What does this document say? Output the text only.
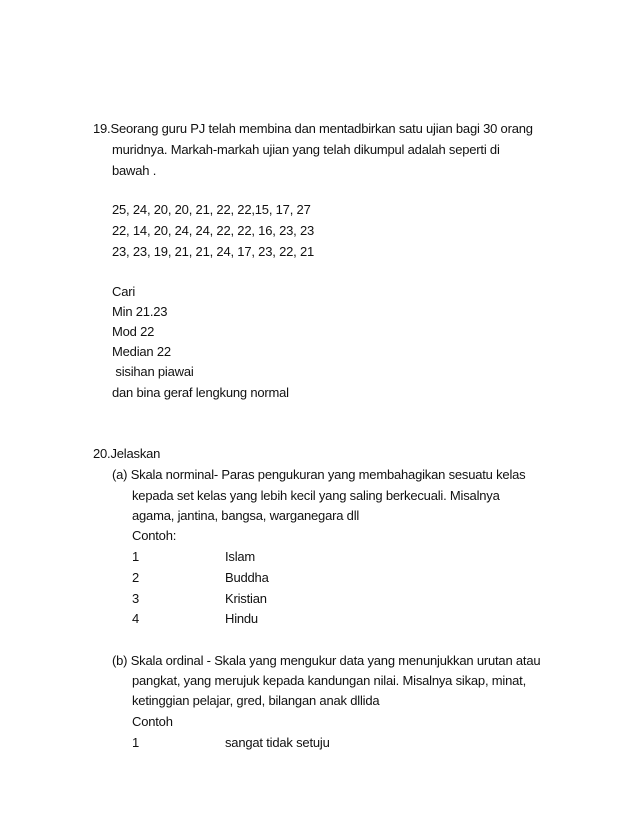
19.Seorang guru PJ telah membina dan mentadbirkan satu ujian bagi 30 orang
muridnya. Markah-markah ujian yang telah dikumpul adalah seperti di
bawah .
25, 24, 20, 20, 21, 22, 22,15, 17, 27
22, 14, 20, 24, 24, 22, 22, 16, 23, 23
23, 23, 19, 21, 21, 24, 17, 23, 22, 21
Cari
Min 21.23
Mod 22
Median 22
sisihan piawai
dan bina geraf lengkung normal
20.Jelaskan
(a) Skala norminal- Paras pengukuran yang membahagikan sesuatu kelas
kepada set kelas yang lebih kecil yang saling berkecuali. Misalnya
agama, jantina, bangsa, warganegara dll
Contoh:
1	Islam
2	Buddha
3	Kristian
4	Hindu
(b) Skala ordinal - Skala yang mengukur data yang menunjukkan urutan atau
pangkat, yang merujuk kepada kandungan nilai. Misalnya sikap, minat,
ketinggian pelajar, gred, bilangan anak dllida
Contoh
1	sangat tidak setuju
